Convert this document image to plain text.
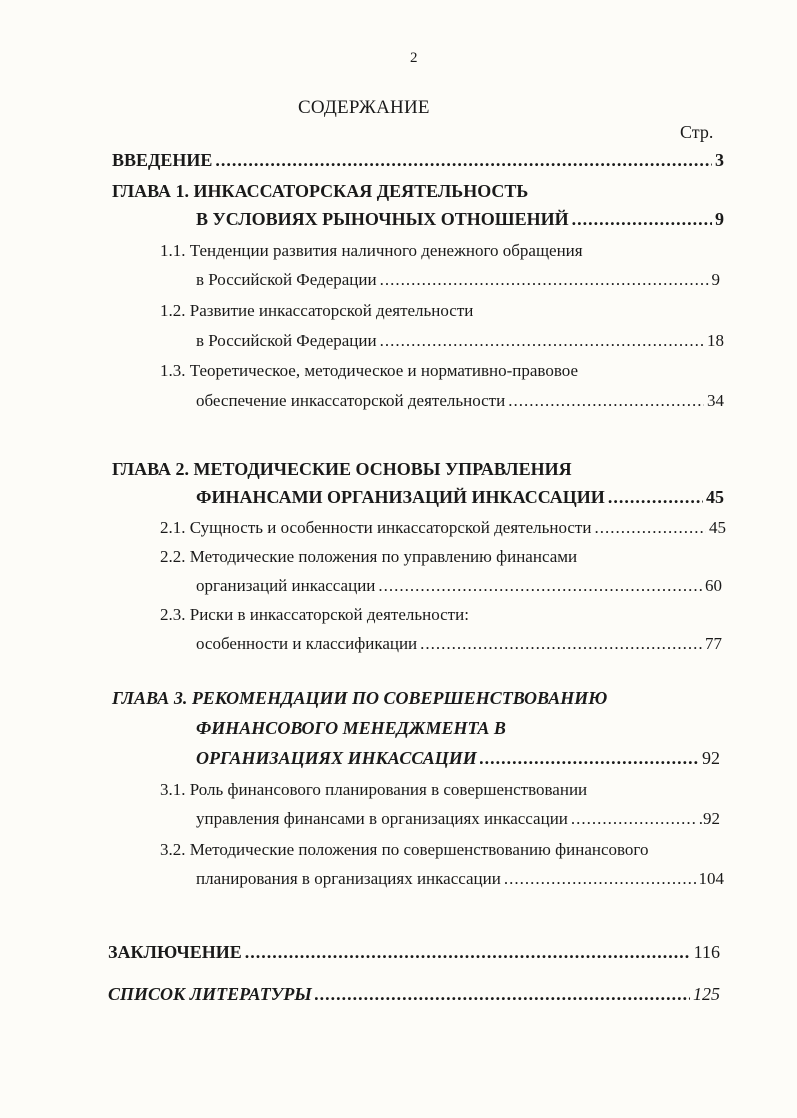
2
СОДЕРЖАНИЕ
Стр.
ВВЕДЕНИЕ .....	3
ГЛАВА 1. ИНКАССАТОРСКАЯ ДЕЯТЕЛЬНОСТЬ
В УСЛОВИЯХ РЫНОЧНЫХ ОТНОШЕНИЙ .....	9
1.1. Тенденции развития наличного денежного обращения
в Российской Федерации .....	9
1.2. Развитие инкассаторской деятельности
в Российской Федерации .....	18
1.3. Теоретическое, методическое и нормативно-правовое
обеспечение инкассаторской деятельности .....	34
ГЛАВА 2. МЕТОДИЧЕСКИЕ ОСНОВЫ УПРАВЛЕНИЯ
ФИНАНСАМИ ОРГАНИЗАЦИЙ ИНКАССАЦИИ .....	45
2.1. Сущность и особенности инкассаторской деятельности .....	45
2.2. Методические положения по управлению финансами
организаций инкассации .....	60
2.3. Риски в инкассаторской деятельности:
особенности и классификации .....	77
ГЛАВА 3. РЕКОМЕНДАЦИИ ПО СОВЕРШЕНСТВОВАНИЮ
ФИНАНСОВОГО МЕНЕДЖМЕНТА В
ОРГАНИЗАЦИЯХ ИНКАССАЦИИ .....	92
3.1. Роль финансового планирования в совершенствовании
управления финансами в организациях инкассации .....	.92
3.2. Методические положения по совершенствованию финансового
планирования в организациях инкассации .....	104
ЗАКЛЮЧЕНИЕ .....	116
СПИСОК ЛИТЕРАТУРЫ .....	125
